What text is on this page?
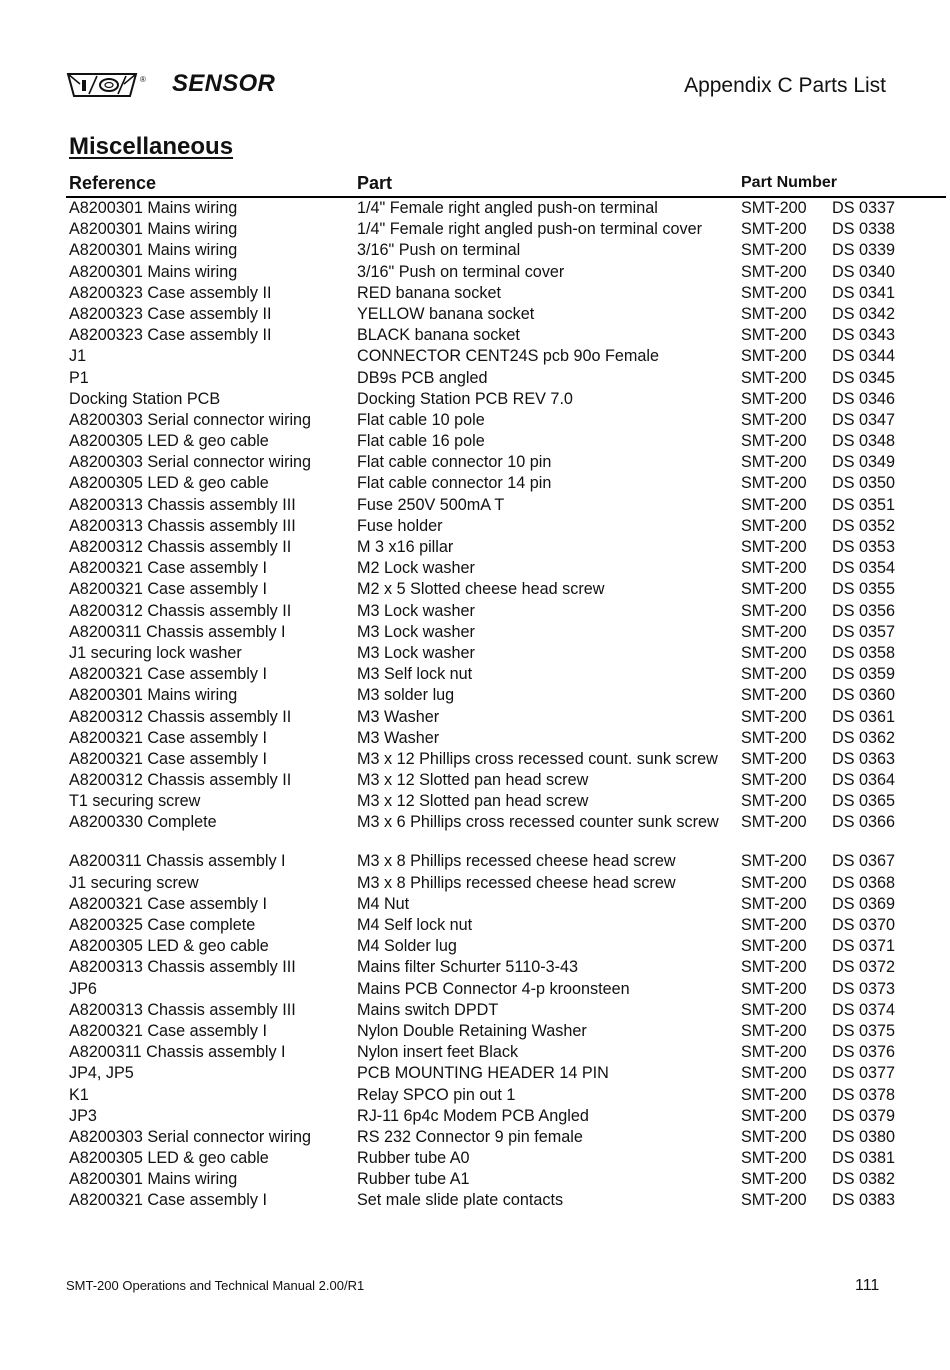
® SENSOR	Appendix C Parts List
Miscellaneous
Reference	Part	Part Number
A8200301 Mains wiring	1/4" Female right angled push-on terminal	SMT-200 DS 0337
A8200301 Mains wiring	1/4" Female right angled push-on terminal cover	SMT-200 DS 0338
A8200301 Mains wiring	3/16" Push on terminal	SMT-200 DS 0339
A8200301 Mains wiring	3/16" Push on terminal cover	SMT-200 DS 0340
A8200323 Case assembly II	RED banana socket	SMT-200 DS 0341
A8200323 Case assembly II	YELLOW banana socket	SMT-200 DS 0342
A8200323 Case assembly II	BLACK banana socket	SMT-200 DS 0343
J1	CONNECTOR CENT24S pcb 90o Female	SMT-200 DS 0344
P1	DB9s PCB angled	SMT-200 DS 0345
Docking Station PCB	Docking Station PCB REV 7.0	SMT-200 DS 0346
A8200303 Serial connector wiring	Flat cable 10 pole	SMT-200 DS 0347
A8200305 LED & geo cable	Flat cable 16 pole	SMT-200 DS 0348
A8200303 Serial connector wiring	Flat cable connector 10 pin	SMT-200 DS 0349
A8200305 LED & geo cable	Flat cable connector 14 pin	SMT-200 DS 0350
A8200313 Chassis assembly III	Fuse 250V 500mA T	SMT-200 DS 0351
A8200313 Chassis assembly III	Fuse holder	SMT-200 DS 0352
A8200312 Chassis assembly II	M 3 x16 pillar	SMT-200 DS 0353
A8200321 Case assembly I	M2 Lock washer	SMT-200 DS 0354
A8200321 Case assembly I	M2 x 5 Slotted cheese head screw	SMT-200 DS 0355
A8200312 Chassis assembly II	M3 Lock washer	SMT-200 DS 0356
A8200311 Chassis assembly I	M3 Lock washer	SMT-200 DS 0357
J1 securing lock washer	M3 Lock washer	SMT-200 DS 0358
A8200321 Case assembly I	M3 Self lock nut	SMT-200 DS 0359
A8200301 Mains wiring	M3 solder lug	SMT-200 DS 0360
A8200312 Chassis assembly II	M3 Washer	SMT-200 DS 0361
A8200321 Case assembly I	M3 Washer	SMT-200 DS 0362
A8200321 Case assembly I	M3 x 12 Phillips cross recessed count. sunk screw	SMT-200 DS 0363
A8200312 Chassis assembly II	M3 x 12 Slotted pan head screw	SMT-200 DS 0364
T1 securing screw	M3 x 12 Slotted pan head screw	SMT-200 DS 0365
A8200330 Complete	M3 x 6 Phillips cross recessed counter sunk screw	SMT-200 DS 0366
A8200311 Chassis assembly I	M3 x 8 Phillips recessed cheese head screw	SMT-200 DS 0367
J1 securing screw	M3 x 8 Phillips recessed cheese head screw	SMT-200 DS 0368
A8200321 Case assembly I	M4 Nut	SMT-200 DS 0369
A8200325 Case complete	M4 Self lock nut	SMT-200 DS 0370
A8200305 LED & geo cable	M4 Solder lug	SMT-200 DS 0371
A8200313 Chassis assembly III	Mains filter Schurter 5110-3-43	SMT-200 DS 0372
JP6	Mains PCB Connector 4-p kroonsteen	SMT-200 DS 0373
A8200313 Chassis assembly III	Mains switch DPDT	SMT-200 DS 0374
A8200321 Case assembly I	Nylon Double Retaining Washer	SMT-200 DS 0375
A8200311 Chassis assembly I	Nylon insert feet Black	SMT-200 DS 0376
JP4, JP5	PCB MOUNTING HEADER 14 PIN	SMT-200 DS 0377
K1	Relay SPCO pin out 1	SMT-200 DS 0378
JP3	RJ-11 6p4c Modem PCB Angled	SMT-200 DS 0379
A8200303 Serial connector wiring	RS 232 Connector 9 pin female	SMT-200 DS 0380
A8200305 LED & geo cable	Rubber tube A0	SMT-200 DS 0381
A8200301 Mains wiring	Rubber tube A1	SMT-200 DS 0382
A8200321 Case assembly I	Set male slide plate contacts	SMT-200 DS 0383
SMT-200 Operations and Technical Manual 2.00/R1	111
